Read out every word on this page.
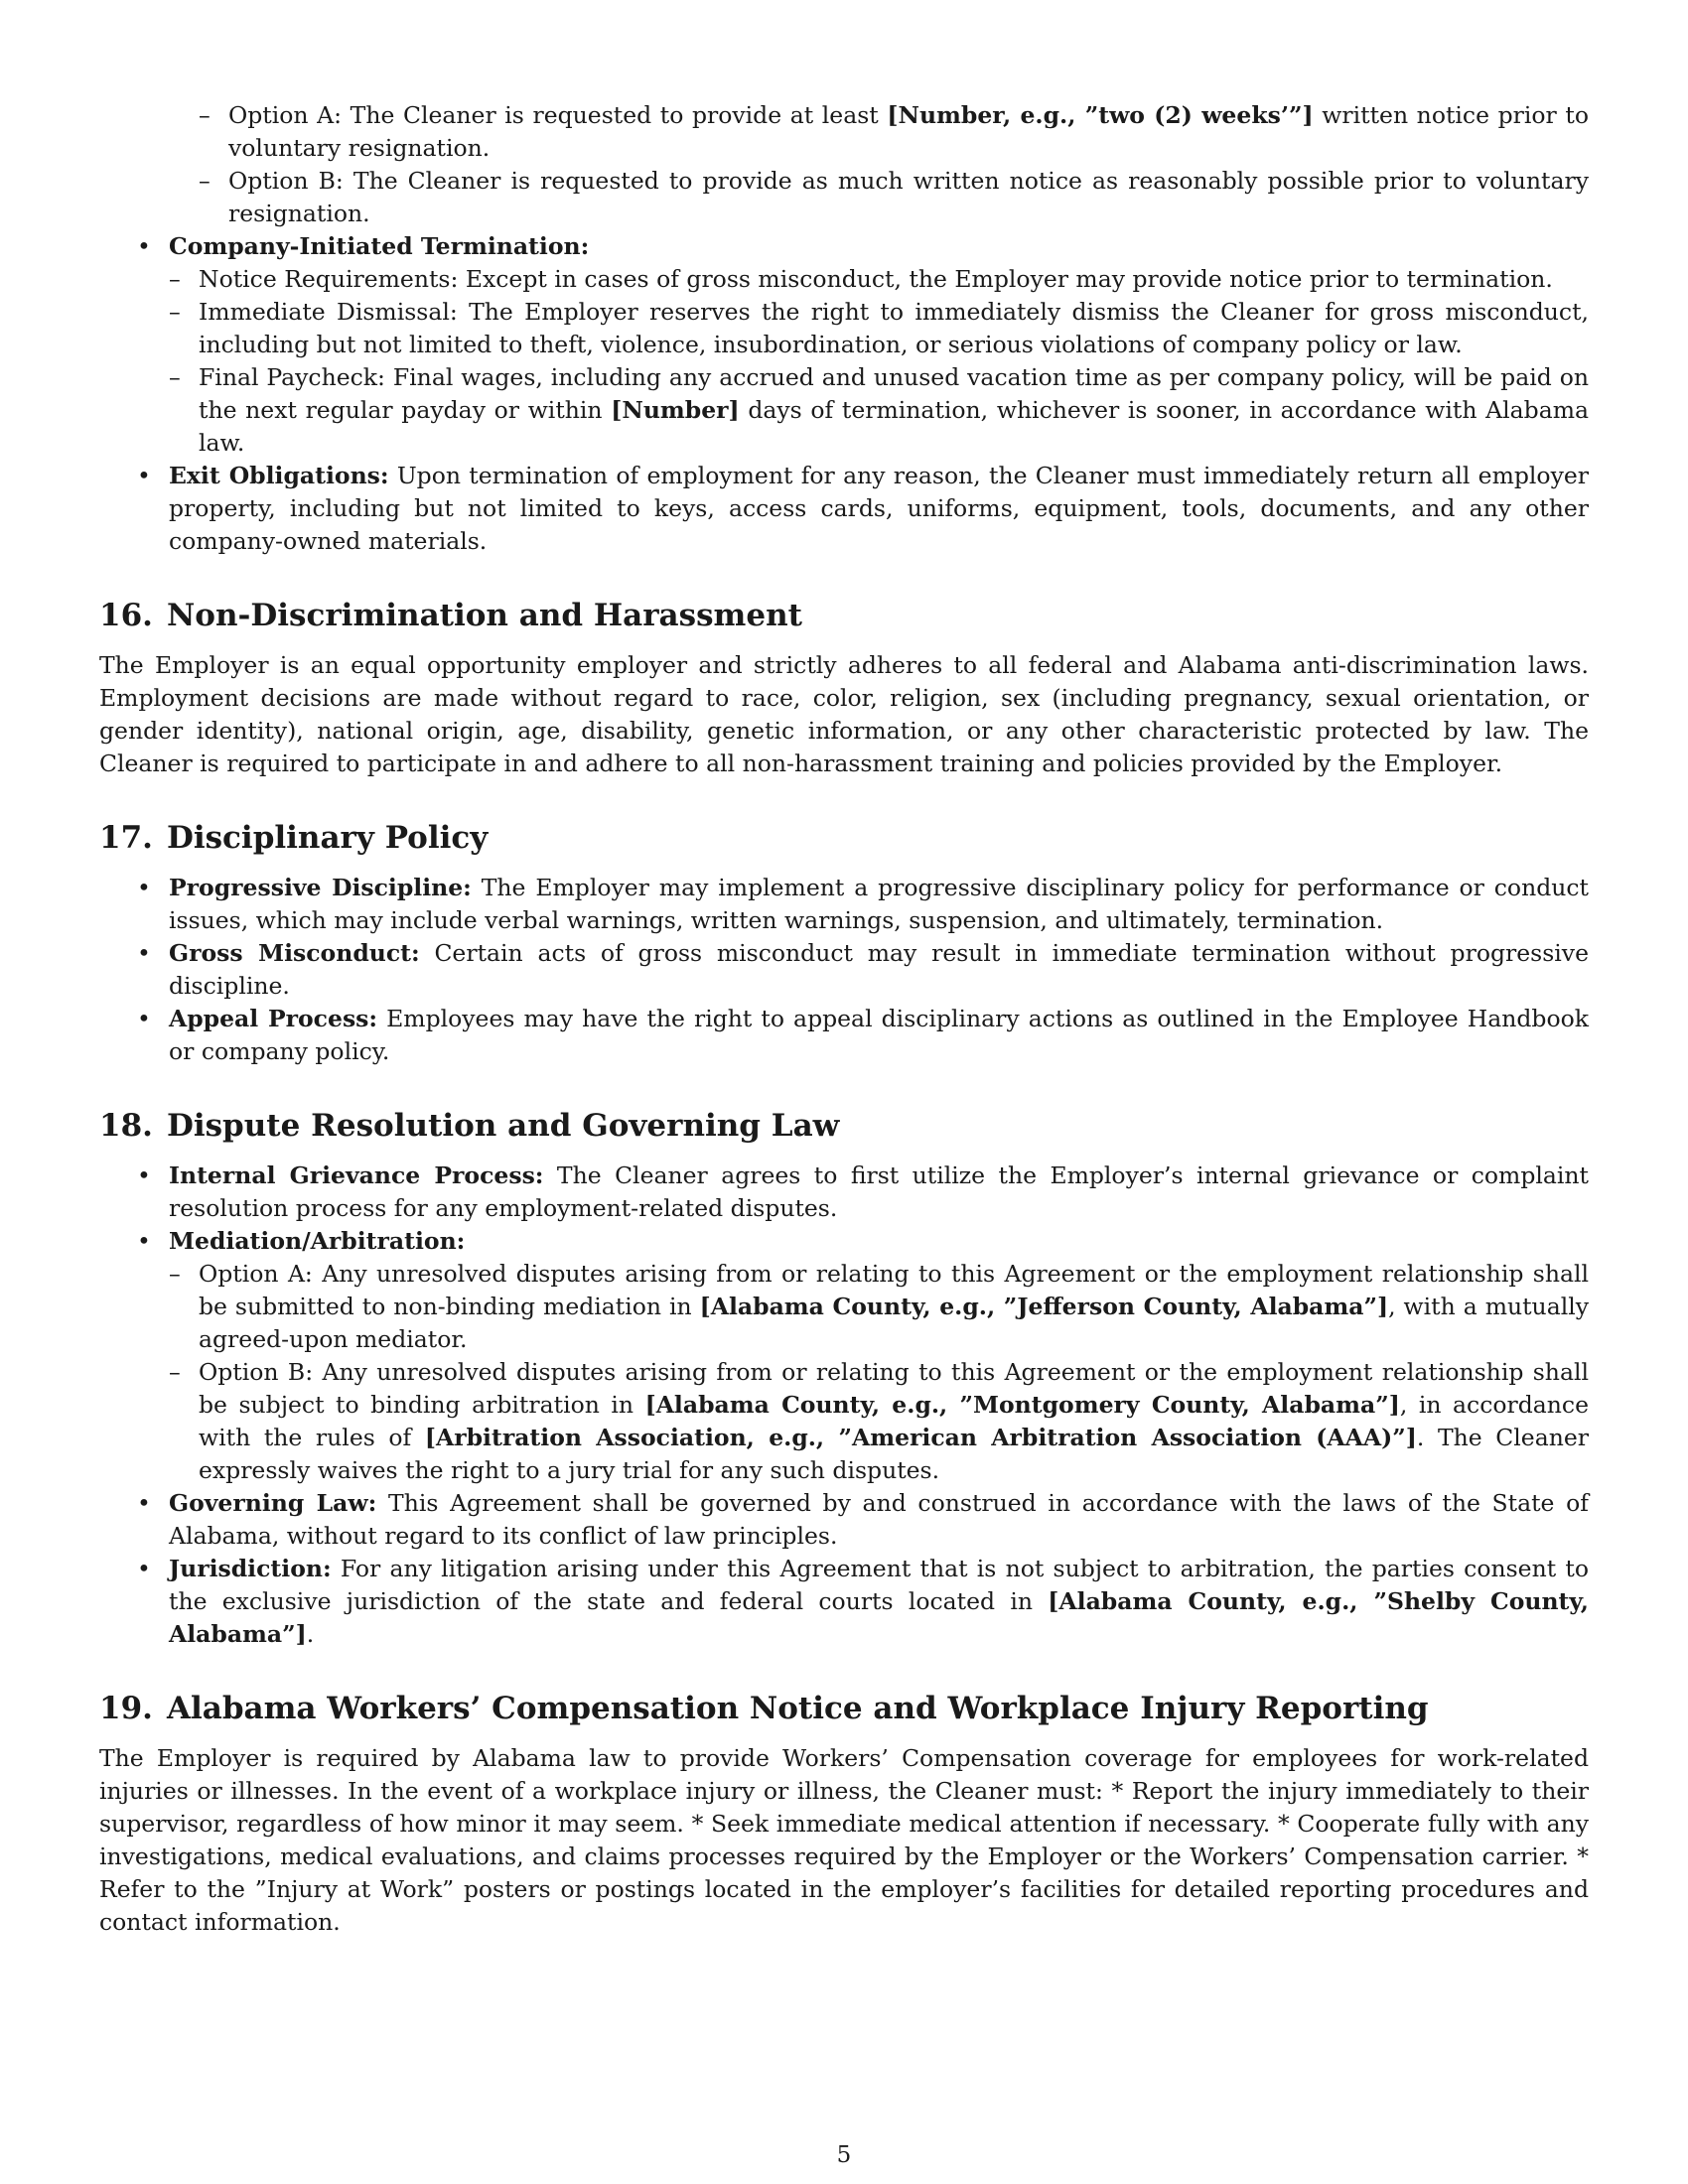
– Option A: The Cleaner is requested to provide at least [Number, e.g., ”two (2) weeks’”] written notice prior to voluntary resignation.
– Option B: The Cleaner is requested to provide as much written notice as reasonably possible prior to voluntary resignation.
• Company-Initiated Termination:
– Notice Requirements: Except in cases of gross misconduct, the Employer may provide notice prior to termination.
– Immediate Dismissal: The Employer reserves the right to immediately dismiss the Cleaner for gross misconduct, including but not limited to theft, violence, insubordination, or serious violations of company policy or law.
– Final Paycheck: Final wages, including any accrued and unused vacation time as per company policy, will be paid on the next regular payday or within [Number] days of termination, whichever is sooner, in accordance with Alabama law.
• Exit Obligations: Upon termination of employment for any reason, the Cleaner must immediately return all employer property, including but not limited to keys, access cards, uniforms, equipment, tools, documents, and any other company-owned materials.
16. Non-Discrimination and Harassment

The Employer is an equal opportunity employer and strictly adheres to all federal and Alabama anti-discrimination laws. Employment decisions are made without regard to race, color, religion, sex (including pregnancy, sexual orientation, or gender identity), national origin, age, disability, genetic information, or any other characteristic protected by law. The Cleaner is required to participate in and adhere to all non-harassment training and policies provided by the Employer.

17. Disciplinary Policy
• Progressive Discipline: The Employer may implement a progressive disciplinary policy for performance or conduct issues, which may include verbal warnings, written warnings, suspension, and ultimately, termination.
• Gross Misconduct: Certain acts of gross misconduct may result in immediate termination without progressive discipline.
• Appeal Process: Employees may have the right to appeal disciplinary actions as outlined in the Employee Handbook or company policy.
18. Dispute Resolution and Governing Law
• Internal Grievance Process: The Cleaner agrees to first utilize the Employer’s internal grievance or complaint resolution process for any employment-related disputes.
• Mediation/Arbitration:
– Option A: Any unresolved disputes arising from or relating to this Agreement or the employment relationship shall be submitted to non-binding mediation in [Alabama County, e.g., ”Jefferson County, Alabama”], with a mutually agreed-upon mediator.
– Option B: Any unresolved disputes arising from or relating to this Agreement or the employment relationship shall be subject to binding arbitration in [Alabama County, e.g., ”Montgomery County, Alabama”], in accordance with the rules of [Arbitration Association, e.g., ”American Arbitration Association (AAA)”]. The Cleaner expressly waives the right to a jury trial for any such disputes.
• Governing Law: This Agreement shall be governed by and construed in accordance with the laws of the State of Alabama, without regard to its conflict of law principles.
• Jurisdiction: For any litigation arising under this Agreement that is not subject to arbitration, the parties consent to the exclusive jurisdiction of the state and federal courts located in [Alabama County, e.g., ”Shelby County, Alabama”].
19. Alabama Workers’ Compensation Notice and Workplace Injury Reporting

The Employer is required by Alabama law to provide Workers’ Compensation coverage for employees for work-related injuries or illnesses. In the event of a workplace injury or illness, the Cleaner must: * Report the injury immediately to their supervisor, regardless of how minor it may seem. * Seek immediate medical attention if necessary. * Cooperate fully with any investigations, medical evaluations, and claims processes required by the Employer or the Workers’ Compensation carrier. * Refer to the ”Injury at Work” posters or postings located in the employer’s facilities for detailed reporting procedures and contact information.

5
